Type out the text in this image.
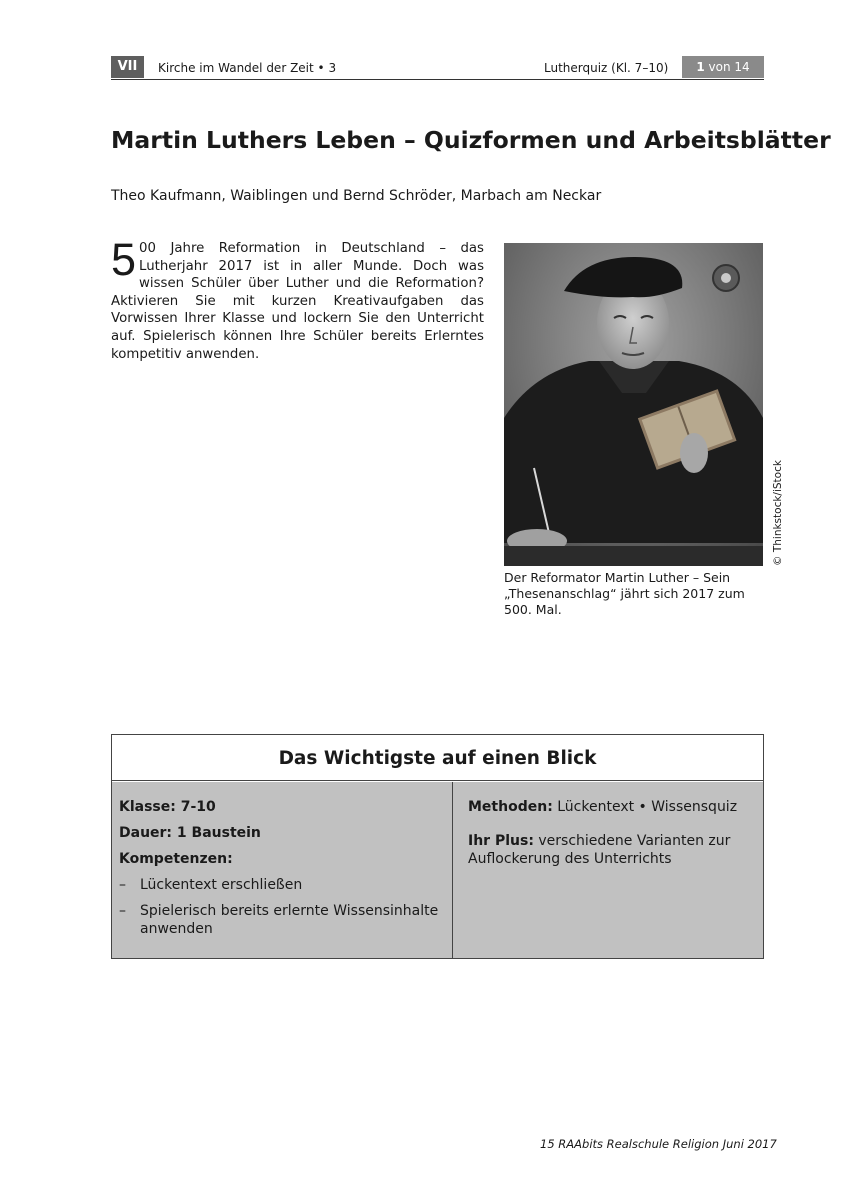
VII	Kirche im Wandel der Zeit • 3	Lutherquiz (Kl. 7–10)	1 von 14
Martin Luthers Leben – Quizformen und Arbeitsblätter
Theo Kaufmann, Waiblingen und Bernd Schröder, Marbach am Neckar
5 00 Jahre Reformation in Deutschland – das Lutherjahr 2017 ist in aller Munde. Doch was wissen Schüler über Luther und die Reformation? Aktivieren Sie mit kurzen Kreativaufgaben das Vorwissen Ihrer Klasse und lockern Sie den Unterricht auf. Spielerisch können Ihre Schüler bereits Erlerntes kompetitiv anwenden.
© Thinkstock/iStock
Der Reformator Martin Luther – Sein „Thesenanschlag“ jährt sich 2017 zum 500. Mal.
Das Wichtigste auf einen Blick
Klasse: 7-10
Dauer: 1 Baustein
Kompetenzen:
– Lückentext erschließen
– Spielerisch bereits erlernte Wissensinhalte anwenden
Methoden: Lückentext • Wissensquiz
Ihr Plus: verschiedene Varianten zur Auflockerung des Unterrichts
15 RAAbits Realschule Religion Juni 2017
